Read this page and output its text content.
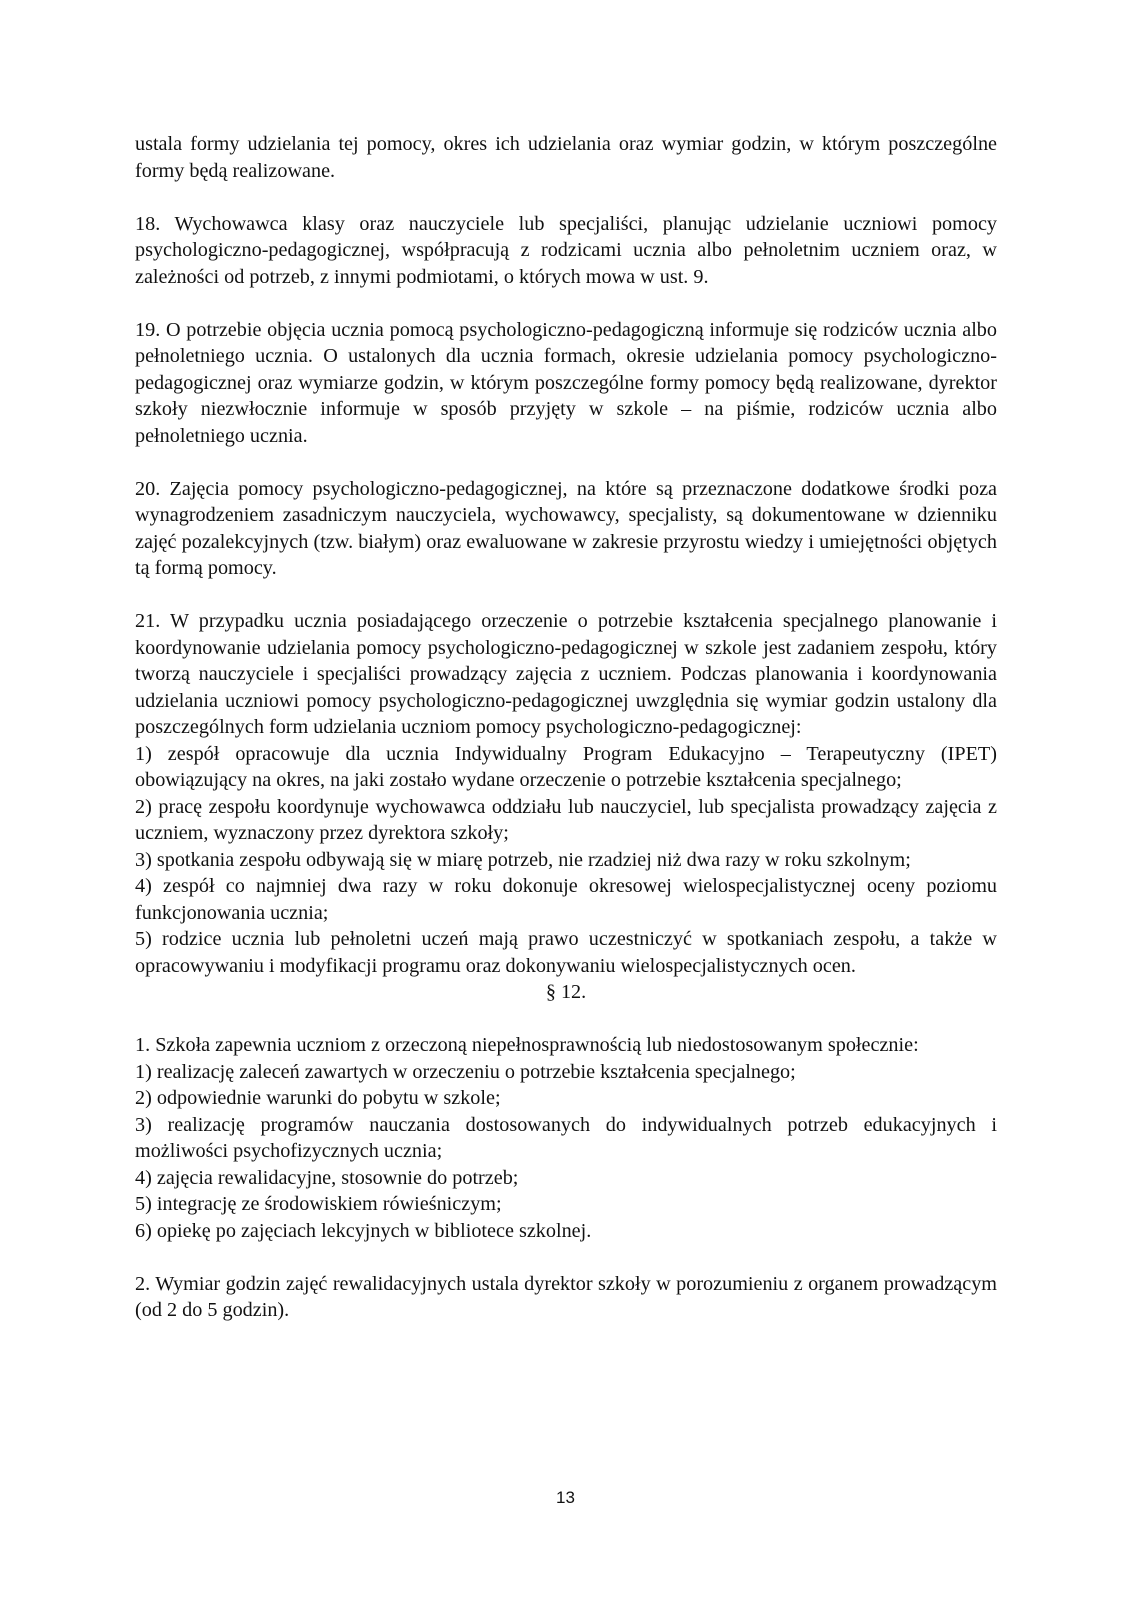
ustala formy udzielania tej pomocy, okres ich udzielania oraz wymiar godzin, w którym poszczególne formy będą realizowane.

18. Wychowawca klasy oraz nauczyciele lub specjaliści, planując udzielanie uczniowi pomocy psychologiczno-pedagogicznej, współpracują z rodzicami ucznia albo pełnoletnim uczniem oraz, w zależności od potrzeb, z innymi podmiotami, o których mowa w ust. 9.

19. O potrzebie objęcia ucznia pomocą psychologiczno-pedagogiczną informuje się rodziców ucznia albo pełnoletniego ucznia. O ustalonych dla ucznia formach, okresie udzielania pomocy psychologiczno-pedagogicznej oraz wymiarze godzin, w którym poszczególne formy pomocy będą realizowane, dyrektor szkoły niezwłocznie informuje w sposób przyjęty w szkole – na piśmie, rodziców ucznia albo pełnoletniego ucznia.

20. Zajęcia pomocy psychologiczno-pedagogicznej, na które są przeznaczone dodatkowe środki poza wynagrodzeniem zasadniczym nauczyciela, wychowawcy, specjalisty, są dokumentowane w dzienniku zajęć pozalekcyjnych (tzw. białym) oraz ewaluowane w zakresie przyrostu wiedzy i umiejętności objętych tą formą pomocy.

21. W przypadku ucznia posiadającego orzeczenie o potrzebie kształcenia specjalnego planowanie i koordynowanie udzielania pomocy psychologiczno-pedagogicznej w szkole jest zadaniem zespołu, który tworzą nauczyciele i specjaliści prowadzący zajęcia z uczniem. Podczas planowania i koordynowania udzielania uczniowi pomocy psychologiczno-pedagogicznej uwzględnia się wymiar godzin ustalony dla poszczególnych form udzielania uczniom pomocy psychologiczno-pedagogicznej:

1) zespół opracowuje dla ucznia Indywidualny Program Edukacyjno – Terapeutyczny (IPET) obowiązujący na okres, na jaki zostało wydane orzeczenie o potrzebie kształcenia specjalnego;

2) pracę zespołu koordynuje wychowawca oddziału lub nauczyciel, lub specjalista prowadzący zajęcia z uczniem, wyznaczony przez dyrektora szkoły;

3) spotkania zespołu odbywają się w miarę potrzeb, nie rzadziej niż dwa razy w roku szkolnym;

4) zespół co najmniej dwa razy w roku dokonuje okresowej wielospecjalistycznej oceny poziomu funkcjonowania ucznia;

5) rodzice ucznia lub pełnoletni uczeń mają prawo uczestniczyć w spotkaniach zespołu, a także w opracowywaniu i modyfikacji programu oraz dokonywaniu wielospecjalistycznych ocen.

§ 12.

1. Szkoła zapewnia uczniom z orzeczoną niepełnosprawnością lub niedostosowanym społecznie:

1) realizację zaleceń zawartych w orzeczeniu o potrzebie kształcenia specjalnego;

2) odpowiednie warunki do pobytu w szkole;

3) realizację programów nauczania dostosowanych do indywidualnych potrzeb edukacyjnych i możliwości psychofizycznych ucznia;

4) zajęcia rewalidacyjne, stosownie do potrzeb;

5) integrację ze środowiskiem rówieśniczym;

6) opiekę po zajęciach lekcyjnych w bibliotece szkolnej.

2. Wymiar godzin zajęć rewalidacyjnych ustala dyrektor szkoły w porozumieniu z organem prowadzącym (od 2 do 5 godzin).

13
